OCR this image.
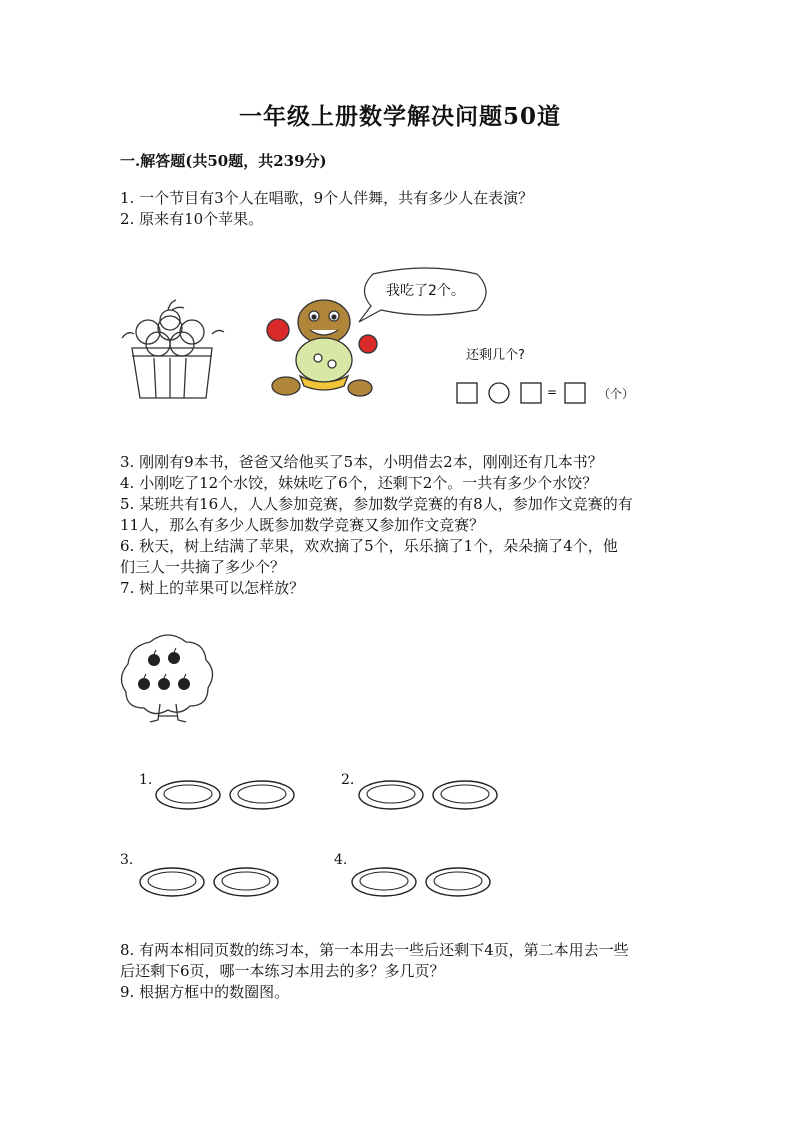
一年级上册数学解决问题50道
一.解答题(共50题，共239分)
1. 一个节目有3个人在唱歌，9个人伴舞，共有多少人在表演？
2. 原来有10个苹果。
我吃了2个。
还剩几个?
=	（个）
3. 刚刚有9本书，爸爸又给他买了5本，小明借去2本，刚刚还有几本书？
4. 小刚吃了12个水饺，妹妹吃了6个，还剩下2个。一共有多少个水饺？
5. 某班共有16人，人人参加竞赛，参加数学竞赛的有8人，参加作文竞赛的有
11人，那么有多少人既参加数学竞赛又参加作文竞赛？
6. 秋天，树上结满了苹果，欢欢摘了5个，乐乐摘了1个，朵朵摘了4个，他
们三人一共摘了多少个？
7. 树上的苹果可以怎样放？
1.	2.
3.	4.
8. 有两本相同页数的练习本，第一本用去一些后还剩下4页，第二本用去一些
后还剩下6页，哪一本练习本用去的多？多几页？
9. 根据方框中的数圈图。
